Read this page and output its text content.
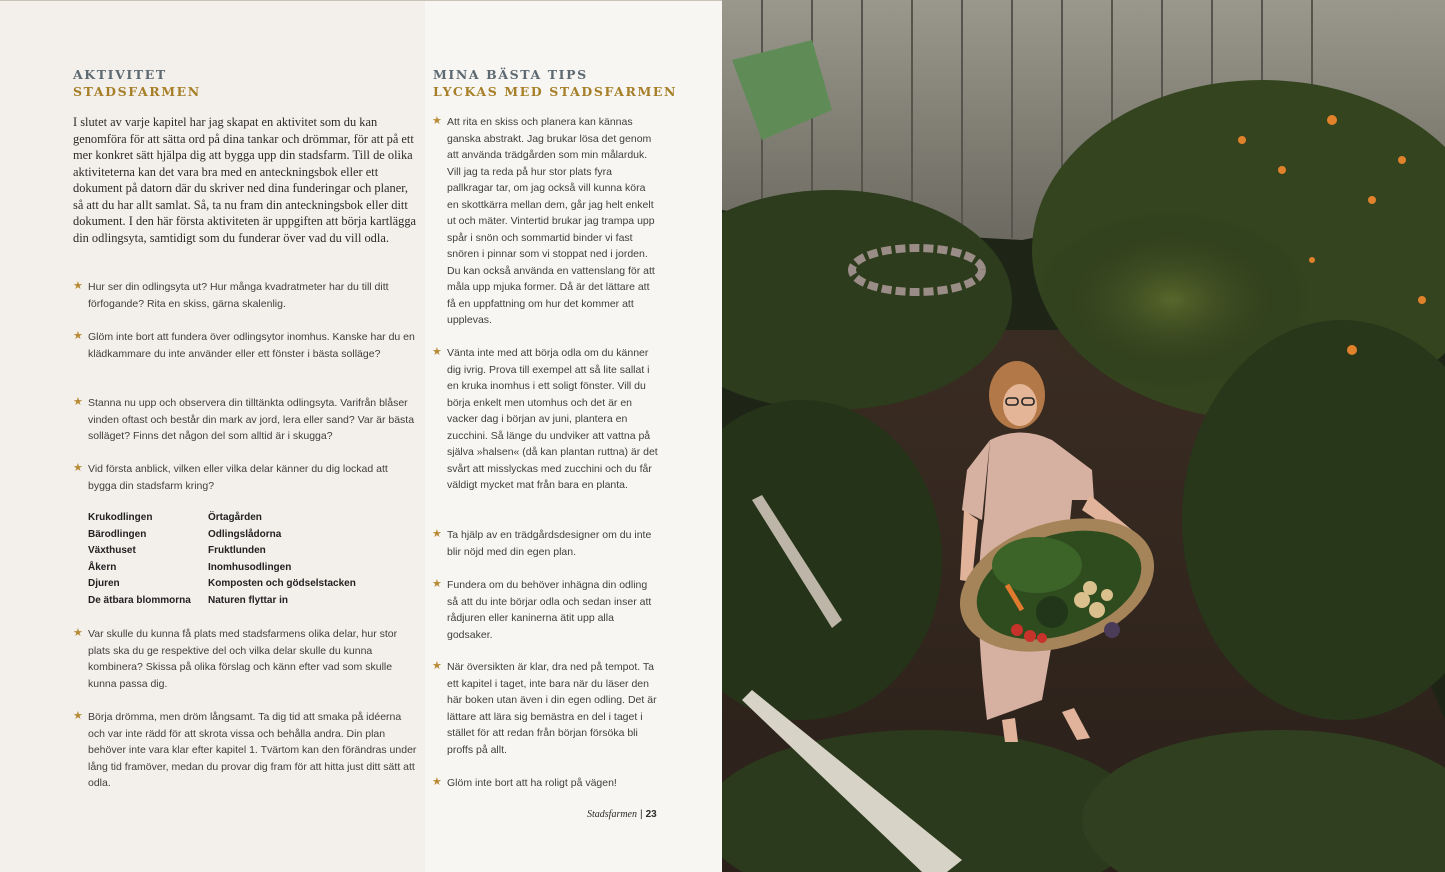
AKTIVITET
STADSFARMEN
I slutet av varje kapitel har jag skapat en aktivitet som du kan genomföra för att sätta ord på dina tankar och drömmar, för att på ett mer konkret sätt hjälpa dig att bygga upp din stadsfarm. Till de olika aktiviteterna kan det vara bra med en anteckningsbok eller ett dokument på datorn där du skriver ned dina funderingar och planer, så att du har allt samlat. Så, ta nu fram din anteckningsbok eller ditt dokument. I den här första aktiviteten är uppgiften att börja kartlägga din odlingsyta, samtidigt som du funderar över vad du vill odla.
★ Hur ser din odlingsyta ut? Hur många kvadratmeter har du till ditt förfogande? Rita en skiss, gärna skalenlig.
★ Glöm inte bort att fundera över odlingsytor inomhus. Kanske har du en klädkammare du inte använder eller ett fönster i bästa solläge?
★ Stanna nu upp och observera din tilltänkta odlingsyta. Varifrån blåser vinden oftast och består din mark av jord, lera eller sand? Var är bästa solläget? Finns det någon del som alltid är i skugga?
★ Vid första anblick, vilken eller vilka delar känner du dig lockad att bygga din stadsfarm kring?
Krukodlingen
Bärodlingen
Växthuset
Åkern
Djuren
De ätbara blommorna
Örtagården
Odlingslådorna
Fruktlunden
Inomhusodlingen
Komposten och gödselstacken
Naturen flyttar in
★ Var skulle du kunna få plats med stadsfarmens olika delar, hur stor plats ska du ge respektive del och vilka delar skulle du kunna kombinera? Skissa på olika förslag och känn efter vad som skulle kunna passa dig.
★ Börja drömma, men dröm långsamt. Ta dig tid att smaka på idéerna och var inte rädd för att skrota vissa och behålla andra. Din plan behöver inte vara klar efter kapitel 1. Tvärtom kan den förändras under lång tid framöver, medan du provar dig fram för att hitta just ditt sätt att odla.
MINA BÄSTA TIPS
LYCKAS MED STADSFARMEN
★ Att rita en skiss och planera kan kännas ganska abstrakt. Jag brukar lösa det genom att använda trädgården som min målarduk. Vill jag ta reda på hur stor plats fyra pallkragar tar, om jag också vill kunna köra en skottkärra mellan dem, går jag helt enkelt ut och mäter. Vintertid brukar jag trampa upp spår i snön och sommartid binder vi fast snören i pinnar som vi stoppat ned i jorden. Du kan också använda en vattenslang för att måla upp mjuka former. Då är det lättare att få en uppfattning om hur det kommer att upplevas.
★ Vänta inte med att börja odla om du känner dig ivrig. Prova till exempel att så lite sallat i en kruka inomhus i ett soligt fönster. Vill du börja enkelt men utomhus och det är en vacker dag i början av juni, plantera en zucchini. Så länge du undviker att vattna på själva »halsen« (då kan plantan ruttna) är det svårt att misslyckas med zucchini och du får väldigt mycket mat från bara en planta.
★ Ta hjälp av en trädgårdsdesigner om du inte blir nöjd med din egen plan.
★ Fundera om du behöver inhägna din odling så att du inte börjar odla och sedan inser att rådjuren eller kaninerna ätit upp alla godsaker.
★ När översikten är klar, dra ned på tempot. Ta ett kapitel i taget, inte bara när du läser den här boken utan även i din egen odling. Det är lättare att lära sig bemästra en del i taget i stället för att redan från början försöka bli proffs på allt.
★ Glöm inte bort att ha roligt på vägen!
Stadsfarmen | 23
